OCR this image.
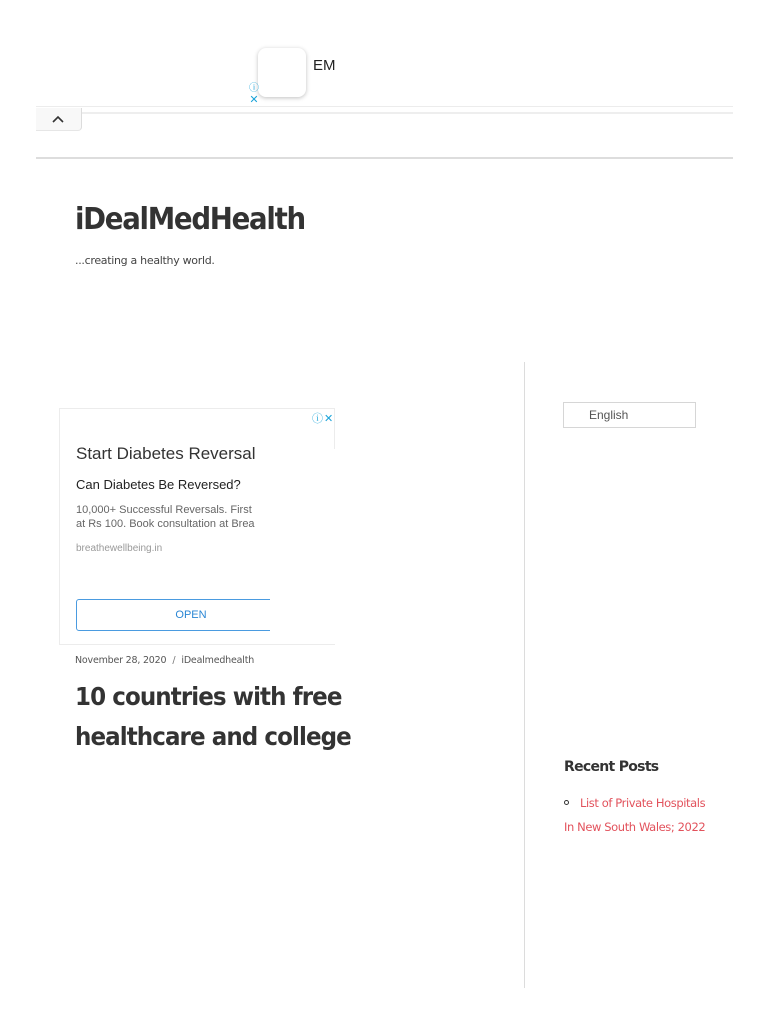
EM
ⓘ
✕
iDealMedHealth
...creating a healthy world.
ⓘ✕
Start Diabetes Reversal
Can Diabetes Be Reversed?
10,000+ Successful Reversals. First
at Rs 100. Book consultation at Brea
breathewellbeing.in
OPEN
November 28, 2020 / iDealmedhealth
10 countries with free healthcare and college
English
Recent Posts
List of Private Hospitals In New South Wales; 2022
